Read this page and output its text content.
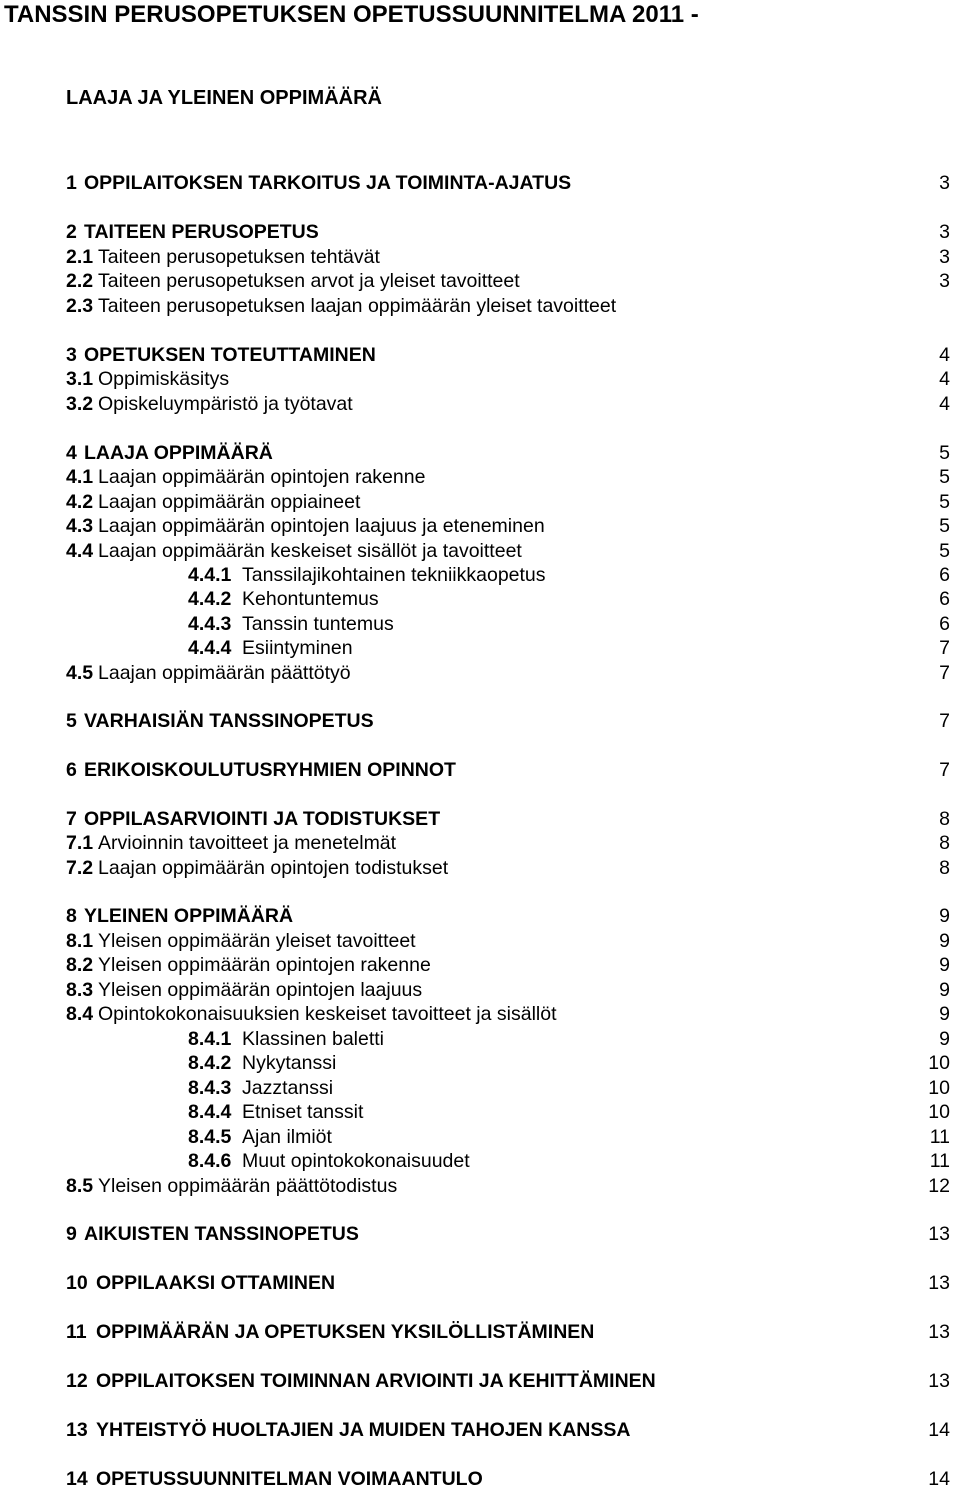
TANSSIN PERUSOPETUKSEN OPETUSSUUNNITELMA 2011 -
LAAJA JA YLEINEN OPPIMÄÄRÄ
1 OPPILAITOKSEN TARKOITUS JA TOIMINTA-AJATUS	3
2 TAITEEN PERUSOPETUS	3
2.1 Taiteen perusopetuksen tehtävät	3
2.2 Taiteen perusopetuksen arvot ja yleiset tavoitteet	3
2.3 Taiteen perusopetuksen laajan oppimäärän yleiset tavoitteet
3 OPETUKSEN TOTEUTTAMINEN	4
3.1 Oppimiskäsitys	4
3.2 Opiskeluympäristö ja työtavat	4
4 LAAJA OPPIMÄÄRÄ	5
4.1 Laajan oppimäärän opintojen rakenne	5
4.2 Laajan oppimäärän oppiaineet	5
4.3 Laajan oppimäärän opintojen laajuus ja eteneminen	5
4.4 Laajan oppimäärän keskeiset sisällöt ja tavoitteet	5
4.4.1 Tanssilajikohtainen tekniikkaopetus	6
4.4.2 Kehontuntemus	6
4.4.3 Tanssin tuntemus	6
4.4.4 Esiintyminen	7
4.5 Laajan oppimäärän päättötyö	7
5 VARHAISIÄN TANSSINOPETUS	7
6 ERIKOISKOULUTUSRYHMIEN OPINNOT	7
7 OPPILASARVIOINTI JA TODISTUKSET	8
7.1 Arvioinnin tavoitteet ja menetelmät	8
7.2 Laajan oppimäärän opintojen todistukset	8
8 YLEINEN OPPIMÄÄRÄ	9
8.1 Yleisen oppimäärän yleiset tavoitteet	9
8.2 Yleisen oppimäärän opintojen rakenne	9
8.3 Yleisen oppimäärän opintojen laajuus	9
8.4 Opintokokonaisuuksien keskeiset tavoitteet ja sisällöt	9
8.4.1 Klassinen baletti	9
8.4.2 Nykytanssi	10
8.4.3 Jazztanssi	10
8.4.4 Etniset tanssit	10
8.4.5 Ajan ilmiöt	11
8.4.6 Muut opintokokonaisuudet	11
8.5 Yleisen oppimäärän päättötodistus	12
9 AIKUISTEN TANSSINOPETUS	13
10 OPPILAAKSI OTTAMINEN	13
11 OPPIMÄÄRÄN JA OPETUKSEN YKSILÖLLISTÄMINEN	13
12 OPPILAITOKSEN TOIMINNAN ARVIOINTI JA KEHITTÄMINEN	13
13 YHTEISTYÖ HUOLTAJIEN JA MUIDEN TAHOJEN KANSSA	14
14 OPETUSSUUNNITELMAN VOIMAANTULO	14
